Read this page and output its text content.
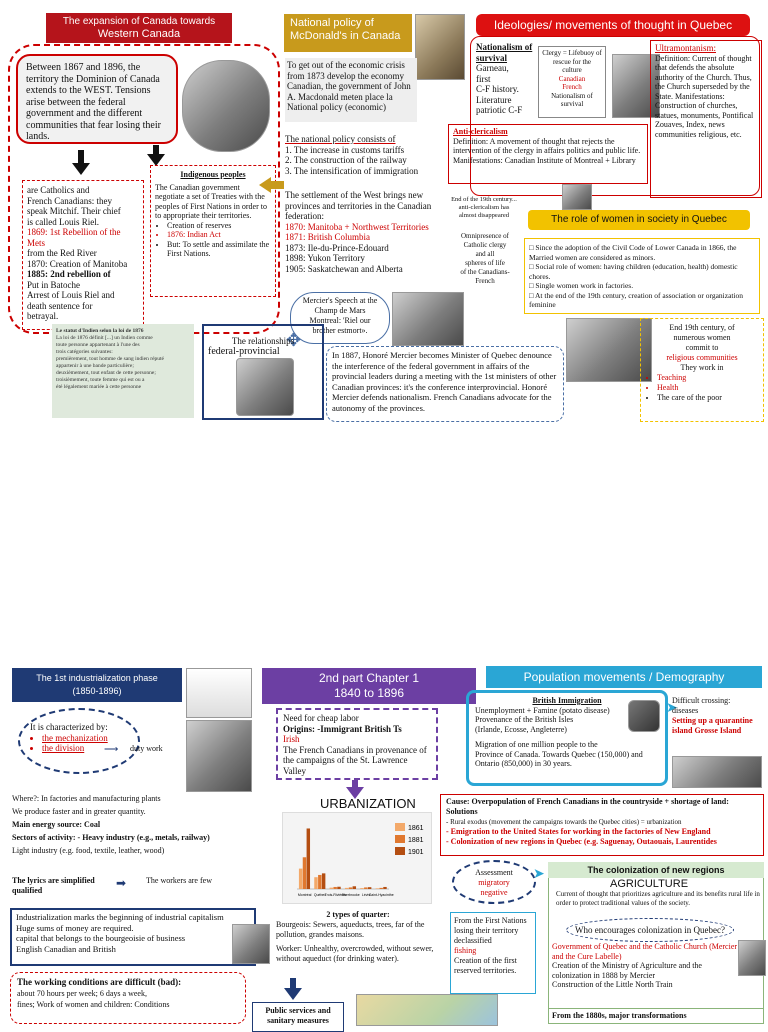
The expansion of Canada towards
Western Canada
Between 1867 and 1896, the territory the Dominion of Canada extends to the WEST. Tensions arise between the federal government and the different communities that fear losing their lands.
are Catholics and
French Canadians: they
speak Mitchif. Their chief
is called Louis Riel.
1869: 1st Rebellion of the Mets
from the Red River
1870: Creation of Manitoba
1885: 2nd rebellion of
Put in Batoche
Arrest of Louis Riel and
death sentence for
betrayal.
Indigenous peoples
The Canadian government negotiate a set of Treaties with the peoples of First Nations in order to to appropriate their territories.
• Creation of reserves
• 1876: Indian Act
• But: To settle and assimilate the First Nations.
Le statut d'Indien selon la loi de 1876
La loi de 1876 définit [...] un Indien comme
toute personne appartenant à l'une des
trois catégories suivantes:
premièrement, tout homme de sang indien réputé
appartenir à une bande particulière;
deuxièmement, tout enfant de cette personne;
troisièmement, toute femme qui est ou a
été légalement mariée à cette personne
National policy of
McDonald's in Canada
To get out of the economic crisis from 1873 develop the economy Canadian, the government of John A. Macdonald meten place la National policy (economic)
The national policy consists of
1. The increase in customs tariffs
2. The construction of the railway
3. The intensification of immigration
The settlement of the West brings new provinces and territories in the Canadian federation:
1870: Manitoba + Northwest Territories
1871: British Columbia
1873: Ile-du-Prince-Edouard
1898: Yukon Territory
1905: Saskatchewan and Alberta
Ideologies/ movements of thought in Quebec
Nationalism of survival
Garneau,
first
C-F history.
Literature
patriotic C-F
Clergy = Lifebuoy of
rescue for the
culture
Canadian
French
Nationalism of
survival
Ultramontanism:
Definition: Current of thought that defends the absolute authority of the Church. Thus, the Church superseded by the State. Manifestations: Construction of churches, statues, monuments, Pontifical Zouaves, Index, news communities religious, etc.
Anti-clericalism
Definition: A movement of thought that rejects the intervention of the clergy in affairs politics and public life.
Manifestations: Canadian Institute of Montreal + Library
End of the 19th century...
anti-clericalism has
almost disappeared
Omnipresence of
Catholic clergy
and all
spheres of life
of the Canadians-
French
The role of women in society in Quebec
□ Since the adoption of the Civil Code of Lower Canada in 1866, the Married women are considered as minors.
□ Social role of women: having children (education, health) domestic chores.
□ Single women work in factories.
□ At the end of the 19th century, creation of association or organization feminine
End 19th century, of
numerous women
commit to
religious communities
They work in
• Teaching
• Health
• The care of the poor
Mercier's Speech at the Champ de Mars Montreal: 'Riel our brother estmort».
✥
The relationships
federal-provincial	In 1887, Honoré Mercier becomes Minister of Quebec denounce the interference of the federal government in affairs of the provincial leaders during a meeting with the 1st ministers of other Canadian provinces: it's the conference interprovincial. Honoré Mercier defends nationalism. French Canadians advocate for the autonomy of the provinces.
The 1st industrialization phase
(1850-1896)
2nd part Chapter 1
1840 to 1896
Population movements / Demography
It is characterized by:
• the mechanization
• the division	⟶ duty work
Need for cheap labor
Origins: -Immigrant British Ts
Irish
The French Canadians in provenance of the campaigns of the St. Lawrence Valley
British Immigration
Unemployment + Famine (potato disease)
Provenance of the British Isles
(Irlande, Ecosse, Angleterre)
Migration of one million people to the
Province of Canada. Towards Quebec (150,000) and
Ontario (850,000) in 30 years.
➤
Difficult crossing:
diseases
Setting up a quarantine island Grosse Island
Where?: In factories and manufacturing plants
We produce faster and in greater quantity.
Main energy source: Coal
Sectors of activity: - Heavy industry (e.g., metals, railway)
Light industry (e.g. food, textile, leather, wood)
The lyrics are simplified qualified
➡ The workers are few
URBANIZATION
Montréal Québec
Trois-Rivières
Sherbrooke Lévis
Saint-Hyacinthe
1861
1881
1901
Cause: Overpopulation of French Canadians in the countryside + shortage of land: Solutions
- Rural exodus (movement the campaigns towards the Quebec cities) = urbanization
- Emigration to the United States for working in the factories of New England
- Colonization of new regions in Quebec (e.g. Saguenay, Outaouais, Laurentides
Assessment
migratory
negative
➤	The colonization of new regions
AGRICULTURE
Current of thought that prioritizes agriculture and its benefits rural life in order to protect traditional values of the society.
Who encourages colonization in Quebec?
Government of Quebec and the Catholic Church (Mercier and the Cure Labelle)
Creation of the Ministry of Agriculture and the colonization in 1888 by Mercier
Construction of the Little North Train
From the First Nations
losing their territory
declassified
fishing
Creation of the first
reserved territories.
Industrialization marks the beginning of industrial capitalism
Huge sums of money are required.
capital that belongs to the bourgeoisie of business
English Canadian and British
2 types of quarter:
Bourgeois: Sewers, aqueducts, trees, far of the pollution, grandes maisons.
Worker: Unhealthy, overcrowded, without sewer, without aqueduct (for drinking water).
The working conditions are difficult (bad):
about 70 hours per week; 6 days a week,
fines; Work of women and children: Conditions
Public services and sanitary measures
From the 1880s, major transformations
